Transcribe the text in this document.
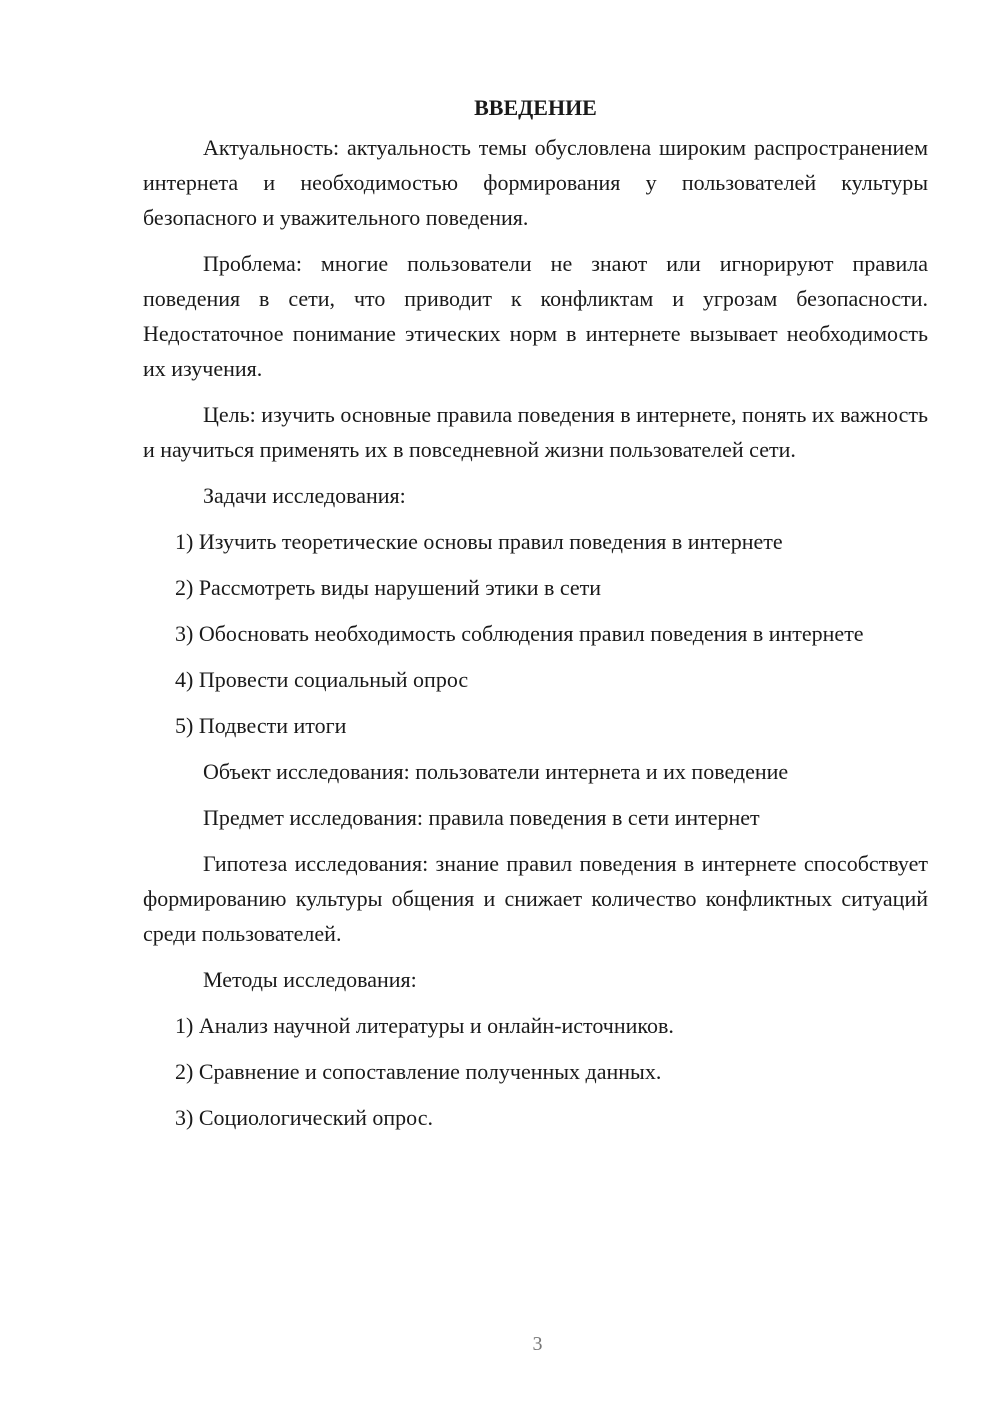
ВВЕДЕНИЕ

Актуальность: актуальность темы обусловлена широким распространением интернета и необходимостью формирования у пользователей культуры безопасного и уважительного поведения.

Проблема: многие пользователи не знают или игнорируют правила поведения в сети, что приводит к конфликтам и угрозам безопасности. Недостаточное понимание этических норм в интернете вызывает необходимость их изучения.

Цель: изучить основные правила поведения в интернете, понять их важность и научиться применять их в повседневной жизни пользователей сети.

Задачи исследования:

1) Изучить теоретические основы правил поведения в интернете

2) Рассмотреть виды нарушений этики в сети

3) Обосновать необходимость соблюдения правил поведения в интернете

4) Провести социальный опрос

5) Подвести итоги

Объект исследования: пользователи интернета и их поведение

Предмет исследования: правила поведения в сети интернет

Гипотеза исследования: знание правил поведения в интернете способствует формированию культуры общения и снижает количество конфликтных ситуаций среди пользователей.

Методы исследования:

1) Анализ научной литературы и онлайн-источников.

2) Сравнение и сопоставление полученных данных.

3) Социологический опрос.

3
